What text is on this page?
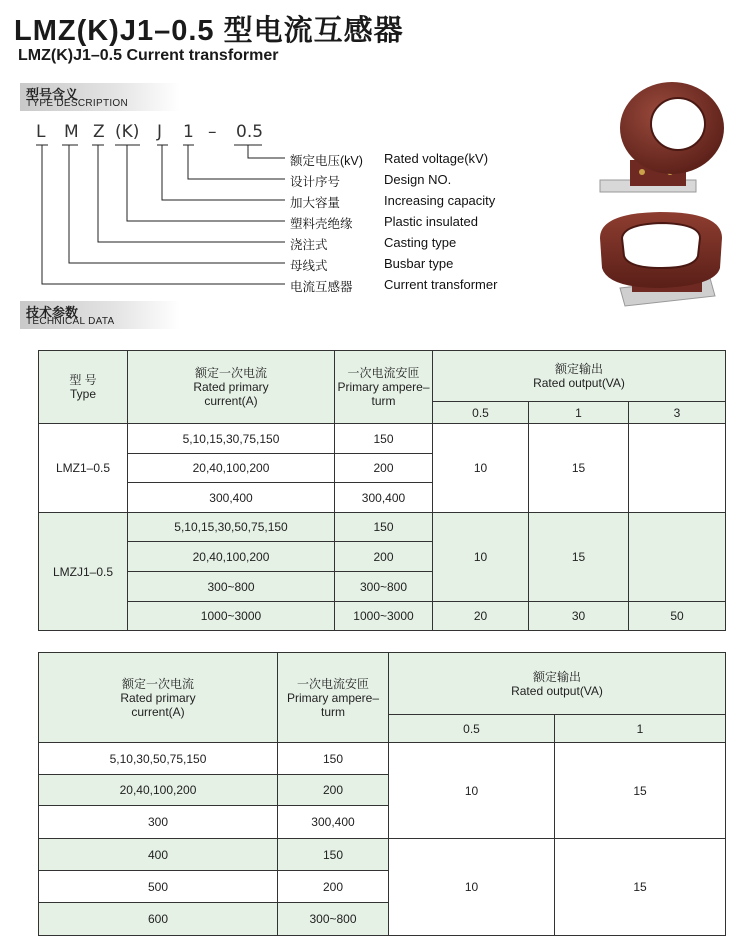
LMZ(K)J1–0.5 型电流互感器
LMZ(K)J1–0.5 Current transformer
型号含义
TYPE DESCRIPTION
L M Z (K) J 1 – 0.5
额定电压(kV) Rated voltage(kV)
设计序号	Design NO.
加大容量	Increasing capacity
塑料壳绝缘 Plastic insulated
浇注式	Casting type
母线式	Busbar type
电流互感器 Current transformer
技术参数
TECHNICAL DATA
型 号
Type	额定一次电流
Rated primary current(A)	一次电流安匝
Primary ampere–turm	额定输出
Rated output(VA)		

			0.5	1	3
LMZ1–0.5	5,10,15,30,75,150	150	10	15	
	20,40,100,200	200			
	300,400	300,400			
LMZJ1–0.5	5,10,15,30,50,75,150	150	10	15	
	20,40,100,200	200			
	300~800	300~800			
	1000~3000	1000~3000	20	30	50
额定一次电流
Rated primary current(A)	一次电流安匝
Primary ampere–turm	额定输出
Rated output(VA)	

		0.5	1
5,10,30,50,75,150	150	10	15
20,40,100,200	200		
300	300,400		
400	150	10	15
500	200		
600	300~800		
